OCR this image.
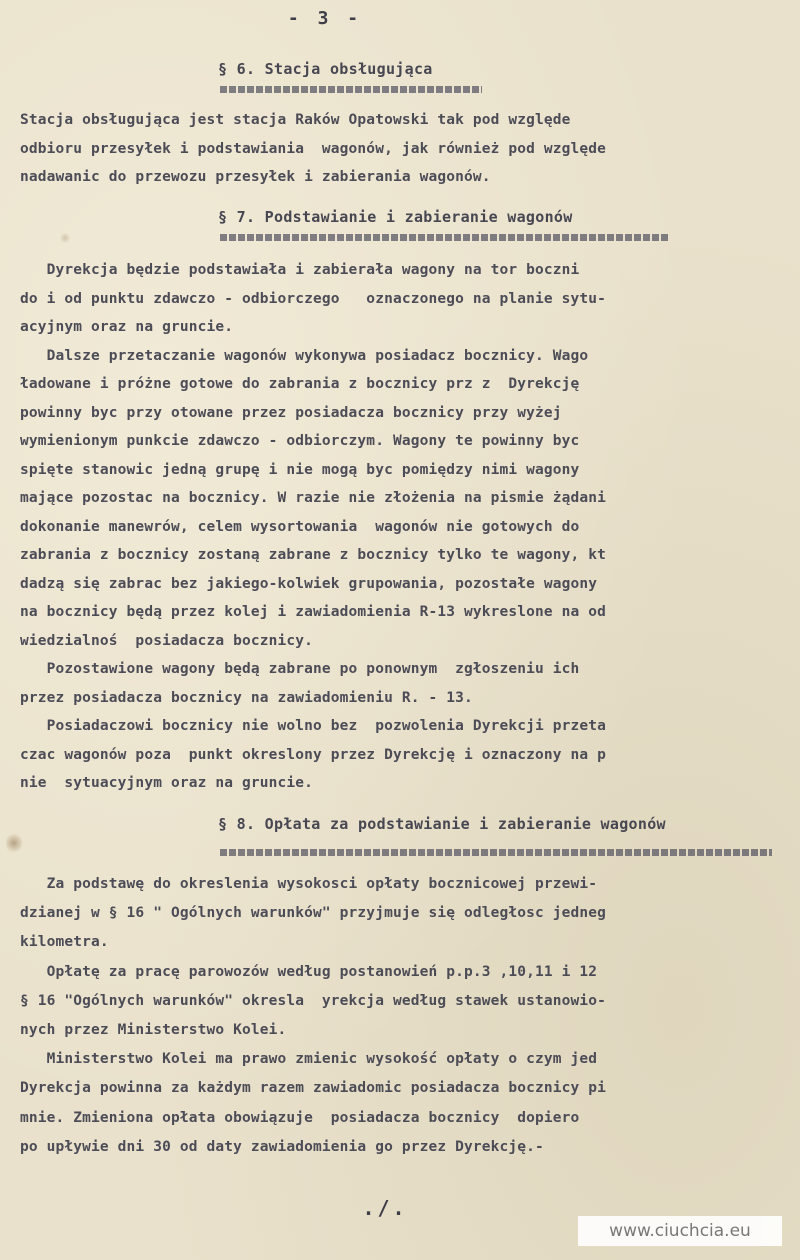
- 3 -
§ 6. Stacja obsługująca
Stacja obsługująca jest stacja Raków Opatowski tak pod względe
odbioru przesyłek i podstawiania  wagonów, jak również pod względe
nadawanic do przewozu przesyłek i zabierania wagonów.
§ 7. Podstawianie i zabieranie wagonów
Dyrekcja będzie podstawiała i zabierała wagony na tor boczni
do i od punktu zdawczo - odbiorczego   oznaczonego na planie sytu-
acyjnym oraz na gruncie.
Dalsze przetaczanie wagonów wykonywa posiadacz bocznicy. Wago
ładowane i próżne gotowe do zabrania z bocznicy prz z  Dyrekcję
powinny byc przy otowane przez posiadacza bocznicy przy wyżej
wymienionym punkcie zdawczo - odbiorczym. Wagony te powinny byc
spięte stanowic jedną grupę i nie mogą byc pomiędzy nimi wagony
mające pozostac na bocznicy. W razie nie złożenia na pismie żądani
dokonanie manewrów, celem wysortowania  wagonów nie gotowych do
zabrania z bocznicy zostaną zabrane z bocznicy tylko te wagony, kt
dadzą się zabrac bez jakiego-kolwiek grupowania, pozostałe wagony
na bocznicy będą przez kolej i zawiadomienia R-13 wykreslone na od
wiedzialnoś  posiadacza bocznicy.
Pozostawione wagony będą zabrane po ponownym  zgłoszeniu ich
przez posiadacza bocznicy na zawiadomieniu R. - 13.
Posiadaczowi bocznicy nie wolno bez  pozwolenia Dyrekcji przeta
czac wagonów poza  punkt okreslony przez Dyrekcję i oznaczony na p
nie  sytuacyjnym oraz na gruncie.
§ 8. Opłata za podstawianie i zabieranie wagonów
Za podstawę do okreslenia wysokosci opłaty bocznicowej przewi-
dzianej w § 16 " Ogólnych warunków" przyjmuje się odległosc jedneg
kilometra.
Opłatę za pracę parowozów według postanowień p.p.3 ,10,11 i 12
§ 16 "Ogólnych warunków" okresla  yrekcja według stawek ustanowio-
nych przez Ministerstwo Kolei.
Ministerstwo Kolei ma prawo zmienic wysokość opłaty o czym jed
Dyrekcja powinna za każdym razem zawiadomic posiadacza bocznicy pi
mnie. Zmieniona opłata obowiązuje  posiadacza bocznicy  dopiero
po upływie dni 30 od daty zawiadomienia go przez Dyrekcję.-
./.
www.ciuchcia.eu
